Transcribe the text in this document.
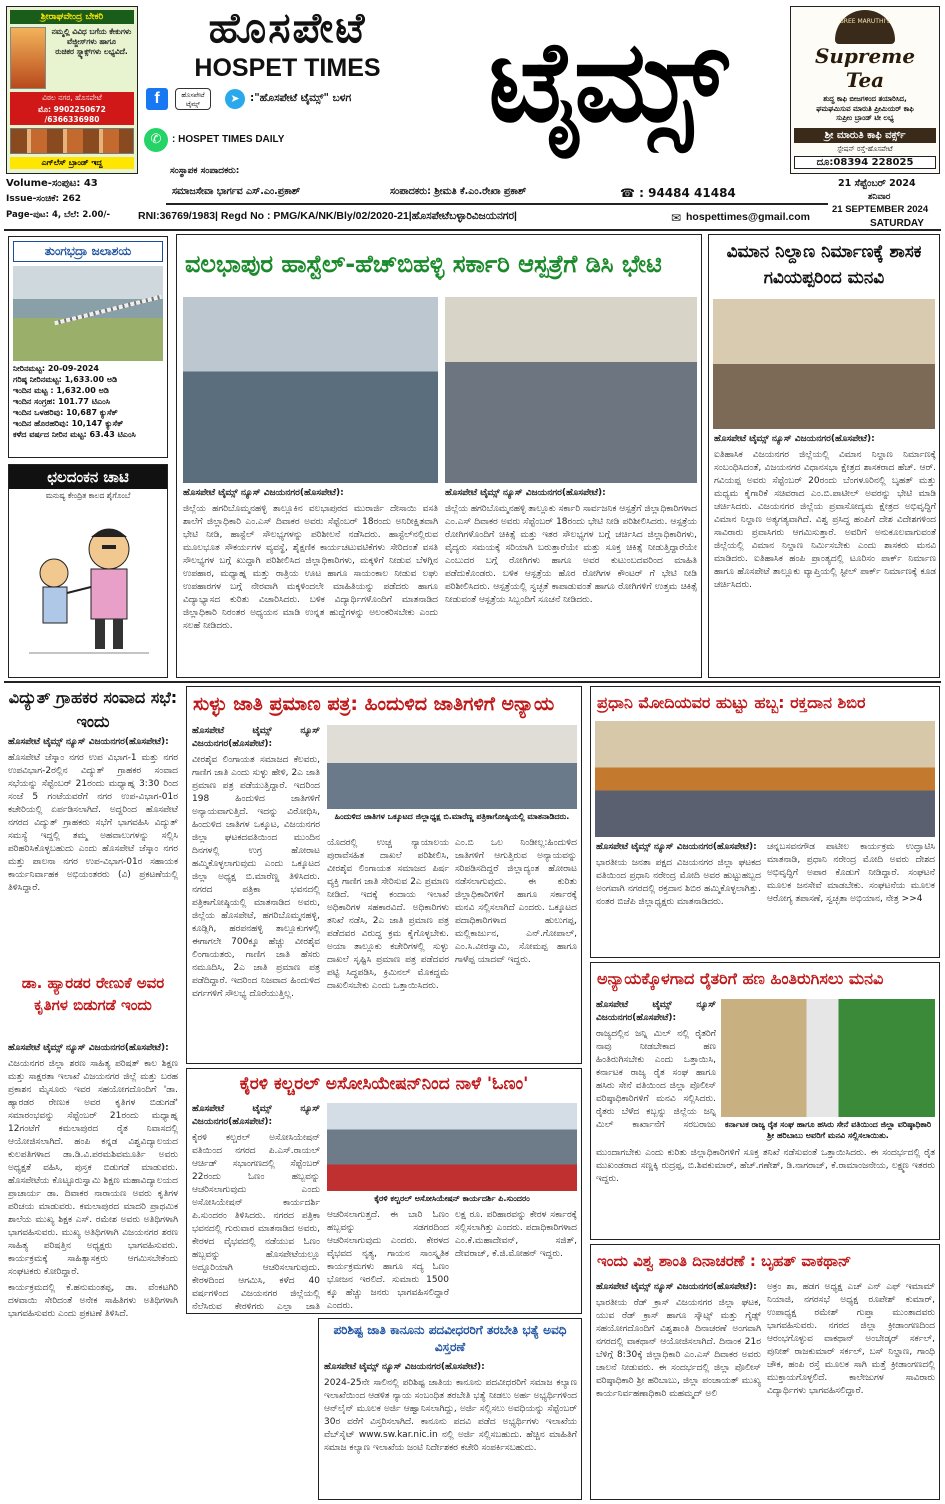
ಶ್ರೀರಾಘವೇಂದ್ರ ಬೇಕರಿ
ನಮ್ಮಲ್ಲಿ ವಿವಿಧ ಬಗೆಯ ಕೇಕುಗಳು
ವೆಜ್ಜೀಸ್‌ಗಳು ಹಾಗೂ
ರುಚಿಕರ ಸ್ನ್ಯಾಕ್ಸ್‌ಗಳು ಲಭ್ಯವಿದೆ.
ವಿಠಲ ನಗರ, ಹೊಸಪೇಟೆ
ಮೊ: 9902250672 /6366336980
ಎಗ್‌ಲೆಸ್ ಬ್ರಾಂಡ್ ಇದ್ದ
ಹೊಸಪೇಟೆ
HOSPET TIMES
f	ಹೊಸಪೇಟೆ ಟೈಮ್ಸ್	➤ :"ಹೊಸಪೇಟೆ ಟೈಮ್ಸ್" ಬಳಗ
✆	: HOSPET TIMES DAILY	ಟೈಮ್ಸ್	SREE MARUTHI's
Supreme Tea
ಶುದ್ಧ ಕಾಫಿ ಬೀಜಗಳಿಂದ ತಯಾರಿಸಿದ,
ಘಮಘಮಿಸುವ ಮಾರುತಿ ಪ್ರೀಮಿಯರ್ ಕಾಫಿ
ಸುಪ್ರೀಂ ಬ್ರಾಂಡ್ ಟೀ ಲಭ್ಯ
ಶ್ರೀ ಮಾರುತಿ ಕಾಫಿ ವರ್ಕ್ಸ್
ಸ್ಟೇಷನ್ ರಸ್ತೆ-ಹೊಸಪೇಟೆ
ದೂ:08394 228025
ಸಂಸ್ಥಾಪಕ ಸಂಪಾದಕರು:
Volume-ಸಂಪುಟ: 43
Issue-ಸಂಚಿಕೆ: 262
Page-ಪುಟ: 4, ಬೆಲೆ: 2.00/-
ಸಮಾಜಸೇವಾ ಭಾರ್ಗವ ಎಸ್.ಎಂ.ಪ್ರಕಾಶ್	ಸಂಪಾದಕರು: ಶ್ರೀಮತಿ ಕೆ.ಎಂ.ರೇಖಾ ಪ್ರಕಾಶ್	☎ : 94484 41484
21 ಸೆಪ್ಟೆಂಬರ್ 2024
ಶನಿವಾರ
21 SEPTEMBER 2024
SATURDAY
RNI:36769/1983| Regd No : PMG/KA/NK/Bly/02/2020-21|ಹೊಸಪೇಟೆಬಳ್ಳಾರಿವಿಜಯನಗರ|	✉ hospettimes@gmail.com
ತುಂಗಭದ್ರಾ ಜಲಾಶಯ
ನೀರಿನಮಟ್ಟ: 20-09-2024
ಗರಿಷ್ಠ ನೀರಿನಮಟ್ಟ: 1,633.00 ಅಡಿ
ಇಂದಿನ ಮಟ್ಟ : 1,632.00 ಅಡಿ
ಇಂದಿನ ಸಂಗ್ರಹ: 101.77 ಟಿಎಂಸಿ
ಇಂದಿನ ಒಳಹರಿವು: 10,687 ಕ್ಯುಸೆಕ್
ಇಂದಿನ ಹೊರಹರಿವು: 10,147 ಕ್ಯುಸೆಕ್
ಕಳೆದ ವರ್ಷದ ನೀರಿನ ಮಟ್ಟ: 63.43 ಟಿಎಂಸಿ
ಛಲದಂಕನ ಚಾಟಿ
ಮನುಷ್ಯ ಕೇಂದ್ರಿತ ಕಾಲದ ಶೈಗೊಂಬೆ
ವಲಭಾಪುರ ಹಾಸ್ಟೆಲ್-ಹೆಚ್‌ಬಿಹಳ್ಳಿ ಸರ್ಕಾರಿ ಆಸ್ಪತ್ರೆಗೆ ಡಿಸಿ ಭೇಟಿ

ಹೊಸಪೇಟೆ ಟೈಮ್ಸ್ ನ್ಯೂಸ್ ವಿಜಯನಗರ(ಹೊಸಪೇಟೆ):

ಜಿಲ್ಲೆಯ ಹಗರಿಬೊಮ್ಮನಹಳ್ಳಿ ತಾಲ್ಲೂಕಿನ ವಲಭಾಪುರದ ಮುರಾರ್ಜಿ ದೇಸಾಯಿ ವಸತಿ ಶಾಲೆಗೆ ಜಿಲ್ಲಾಧಿಕಾರಿ ಎಂ.ಎಸ್ ದಿವಾಕರ ಅವರು ಸೆಪ್ಟೆಂಬರ್ 18ರಂದು ಅನಿರೀಕ್ಷಿತವಾಗಿ ಭೇಟಿ ನೀಡಿ, ಹಾಸ್ಟೆಲ್ ಸೌಲಭ್ಯಗಳನ್ನು ಪರಿಶೀಲನೆ ನಡೆಸಿದರು. ಹಾಸ್ಟೆಲ್‌ನಲ್ಲಿರುವ ಮೂಲಭೂತ ಸೌಕರ್ಯಗಳ ವ್ಯವಸ್ಥೆ, ಶೈಕ್ಷಣಿಕ ಕಾರ್ಯಚಟುವಟಿಕೆಗಳು ಸೇರಿದಂತೆ ವಸತಿ ಸೌಲಭ್ಯಗಳ ಬಗ್ಗೆ ಖುದ್ದಾಗಿ ಪರಿಶೀಲಿಸಿದ ಜಿಲ್ಲಾಧಿಕಾರಿಗಳು, ಮಕ್ಕಳಿಗೆ ನೀಡುವ ಬೆಳಗ್ಗಿನ ಉಪಹಾರ, ಮಧ್ಯಾಹ್ನ ಮತ್ತು ರಾತ್ರಿಯ ಊಟ ಹಾಗೂ ಸಾಯಂಕಾಲ ನೀಡುವ ಲಘು ಉಪಹಾರಗಳ ಬಗ್ಗೆ ನೇರವಾಗಿ ಮಕ್ಕಳಿಂದಲೇ ಮಾಹಿತಿಯನ್ನು ಪಡೆದರು ಹಾಗೂ ವಿದ್ಯಾಭ್ಯಾಸದ ಕುರಿತು ವಿಚಾರಿಸಿದರು. ಬಳಿಕ ವಿದ್ಯಾರ್ಥಿಗಳೊಂದಿಗೆ ಮಾತನಾಡಿದ ಜಿಲ್ಲಾಧಿಕಾರಿ ನಿರಂತರ ಅಧ್ಯಯನ ಮಾಡಿ ಉನ್ನತ ಹುದ್ದೆಗಳನ್ನು ಅಲಂಕರಿಸಬೇಕು ಎಂದು ಸಲಹೆ ನೀಡಿದರು.

ಹೊಸಪೇಟೆ ಟೈಮ್ಸ್ ನ್ಯೂಸ್ ವಿಜಯನಗರ(ಹೊಸಪೇಟೆ):

ಜಿಲ್ಲೆಯ ಹಗರಿಬೊಮ್ಮನಹಳ್ಳಿ ತಾಲ್ಲೂಕು ಸರ್ಕಾರಿ ಸಾರ್ವಜನಿಕ ಆಸ್ಪತ್ರೆಗೆ ಜಿಲ್ಲಾಧಿಕಾರಿಗಳಾದ ಎಂ.ಎಸ್ ದಿವಾಕರ ಅವರು ಸೆಪ್ಟೆಂಬರ್ 18ರಂದು ಭೇಟಿ ನೀಡಿ ಪರಿಶೀಲಿಸಿದರು. ಆಸ್ಪತ್ರೆಯ ರೋಗಿಗಳೊಂದಿಗೆ ಚಿಕಿತ್ಸೆ ಮತ್ತು ಇತರ ಸೌಲಭ್ಯಗಳ ಬಗ್ಗೆ ಚರ್ಚಿಸಿದ ಜಿಲ್ಲಾಧಿಕಾರಿಗಳು, ವೈದ್ಯರು ಸಮಯಕ್ಕೆ ಸರಿಯಾಗಿ ಬರುತ್ತಾರೆಯೇ ಮತ್ತು ಸೂಕ್ತ ಚಿಕಿತ್ಸೆ ನೀಡುತ್ತಿದ್ದಾರೆಯೇ ಎಂಬುದರ ಬಗ್ಗೆ ರೋಗಿಗಳು ಹಾಗೂ ಅವರ ಕುಟುಂಬದವರಿಂದ ಮಾಹಿತಿ ಪಡೆದುಕೊಂಡರು. ಬಳಿಕ ಆಸ್ಪತ್ರೆಯ ಹೊರ ರೋಗಿಗಳ ಕೌಂಟರ್ ಗೆ ಭೇಟಿ ನೀಡಿ ಪರಿಶೀಲಿಸಿದರು. ಆಸ್ಪತ್ರೆಯಲ್ಲಿ ಸ್ವಚ್ಛತೆ ಕಾಪಾಡುವಂತೆ ಹಾಗೂ ರೋಗಿಗಳಿಗೆ ಉತ್ತಮ ಚಿಕಿತ್ಸೆ ನೀಡುವಂತೆ ಆಸ್ಪತ್ರೆಯ ಸಿಬ್ಬಂದಿಗೆ ಸೂಚನೆ ನೀಡಿದರು.

ವಿಮಾನ ನಿಲ್ದಾಣ ನಿರ್ಮಾಣಕ್ಕೆ ಶಾಸಕ ಗವಿಯಪ್ಪರಿಂದ ಮನವಿ

ಹೊಸಪೇಟೆ ಟೈಮ್ಸ್ ನ್ಯೂಸ್ ವಿಜಯನಗರ(ಹೊಸಪೇಟೆ):

ಐತಿಹಾಸಿಕ ವಿಜಯನಗರ ಜಿಲ್ಲೆಯಲ್ಲಿ ವಿಮಾನ ನಿಲ್ದಾಣ ನಿರ್ಮಾಣಕ್ಕೆ ಸಂಬಂಧಿಸಿದಂತೆ, ವಿಜಯನಗರ ವಿಧಾನಸಭಾ ಕ್ಷೇತ್ರದ ಶಾಸಕರಾದ ಹೆಚ್. ಆರ್. ಗವಿಯಪ್ಪ ಅವರು ಸೆಪ್ಟೆಂಬರ್ 20ರಂದು ಬೆಂಗಳೂರಿನಲ್ಲಿ ಬೃಹತ್ ಮತ್ತು ಮಧ್ಯಮ ಕೈಗಾರಿಕೆ ಸಚಿವರಾದ ಎಂ.ಬಿ.ಪಾಟೀಲ್ ಅವರನ್ನು ಭೇಟಿ ಮಾಡಿ ಚರ್ಚಿಸಿದರು. ವಿಜಯನಗರ ಜಿಲ್ಲೆಯ ಪ್ರವಾಸೋದ್ಯಮ ಕ್ಷೇತ್ರದ ಅಭಿವೃದ್ಧಿಗೆ ವಿಮಾನ ನಿಲ್ದಾಣ ಅತ್ಯಗತ್ಯವಾಗಿದೆ. ವಿಶ್ವ ಪ್ರಸಿದ್ಧ ಹಂಪಿಗೆ ದೇಶ ವಿದೇಶಗಳಿಂದ ಸಾವಿರಾರು ಪ್ರವಾಸಿಗರು ಆಗಮಿಸುತ್ತಾರೆ. ಅವರಿಗೆ ಅನುಕೂಲವಾಗುವಂತೆ ಜಿಲ್ಲೆಯಲ್ಲಿ ವಿಮಾನ ನಿಲ್ದಾಣ ನಿರ್ಮಿಸಬೇಕು ಎಂದು ಶಾಸಕರು ಮನವಿ ಮಾಡಿದರು. ಐತಿಹಾಸಿಕ ಹಂಪಿ ಪ್ರಾಂತ್ಯದಲ್ಲಿ ಟೂರಿಸಂ ಪಾರ್ಕ್ ನಿರ್ಮಾಣ ಹಾಗೂ ಹೊಸಪೇಟೆ ತಾಲ್ಲೂಕು ವ್ಯಾಪ್ತಿಯಲ್ಲಿ ಸ್ಟೀಲ್ ಪಾರ್ಕ್ ನಿರ್ಮಾಣಕ್ಕೆ ಕೂಡ ಚರ್ಚಿಸಿದರು.

ವಿದ್ಯುತ್ ಗ್ರಾಹಕರ ಸಂವಾದ ಸಭೆ: ಇಂದು

ಹೊಸಪೇಟೆ ಟೈಮ್ಸ್ ನ್ಯೂಸ್ ವಿಜಯನಗರ(ಹೊಸಪೇಟೆ):

ಹೊಸಪೇಟೆ ಜೆಸ್ಕಾಂ ನಗರ ಉಪ ವಿಭಾಗ-1 ಮತ್ತು ನಗರ ಉಪವಿಭಾಗ-2ರಲ್ಲಿನ ವಿದ್ಯುತ್ ಗ್ರಾಹಕರ ಸಂವಾದ ಸಭೆಯನ್ನು ಸೆಪ್ಟೆಂಬರ್ 21ರಂದು ಮಧ್ಯಾಹ್ನ 3:30 ರಿಂದ ಸಂಜೆ 5 ಗಂಟೆಯವರೆಗೆ ನಗರ ಉಪ-ವಿಭಾಗ-01ರ ಕಚೇರಿಯಲ್ಲಿ ಏರ್ಪಡಿಸಲಾಗಿದೆ. ಅದ್ದರಿಂದ ಹೊಸಪೇಟೆ ನಗರದ ವಿದ್ಯುತ್ ಗ್ರಾಹಕರು ಸಭೆಗೆ ಭಾಗವಹಿಸಿ ವಿದ್ಯುತ್ ಸಮಸ್ಯೆ ಇದ್ದಲ್ಲಿ ತಮ್ಮ ಅಹವಾಲುಗಳನ್ನು ಸಲ್ಲಿಸಿ ಪರಿಹರಿಸಿಕೊಳ್ಳಬಹುದು ಎಂದು ಹೊಸಪೇಟೆ ಜೆಸ್ಕಾಂ ನಗರ ಮತ್ತು ಪಾಲನಾ ನಗರ ಉಪ-ವಿಭಾಗ-01ರ ಸಹಾಯಕ ಕಾರ್ಯನಿರ್ವಾಹಕ ಅಭಿಯಂತರರು (ವಿ) ಪ್ರಕಟಣೆಯಲ್ಲಿ ತಿಳಿಸಿದ್ದಾರೆ.

ಡಾ. ಹ್ಯಾರಡರ ರೇಣುಕೆ ಅವರ ಕೃತಿಗಳ ಬಿಡುಗಡೆ ಇಂದು

ಹೊಸಪೇಟೆ ಟೈಮ್ಸ್ ನ್ಯೂಸ್ ವಿಜಯನಗರ(ಹೊಸಪೇಟೆ):

ವಿಜಯನಗರ ಜಿಲ್ಲಾ ಶರಣ ಸಾಹಿತ್ಯ ಪರಿಷತ್ ಕಾಲ ಶಿಕ್ಷಣ ಮತ್ತು ಸಾಕ್ಷರತಾ ಇಲಾಖೆ ವಿಜಯನಗರ ಜಿಲ್ಲೆ ಮತ್ತು ಬರಹ ಪ್ರಕಾಶನ ಮೈಸೂರು ಇವರ ಸಹಯೋಗದೊಂದಿಗೆ 'ಡಾ. ಹ್ಯಾರಡರ ರೇಣುಕ ಅವರ ಕೃತಿಗಳ ಬಿಡುಗಡೆ' ಸಮಾರಂಭವನ್ನು ಸೆಪ್ಟೆಂಬರ್ 21ರಂದು ಮಧ್ಯಾಹ್ನ 12ಗಂಟೆಗೆ ಕಮಲಾಪುರದ ರೈತ ನಿವಾಸದಲ್ಲಿ ಆಯೋಜಿಸಲಾಗಿದೆ. ಹಂಪಿ ಕನ್ನಡ ವಿಶ್ವವಿದ್ಯಾಲಯದ ಕುಲಪತಿಗಳಾದ ಡಾ.ಡಿ.ವಿ.ಪರಮಶಿವಮೂರ್ತಿ ಅವರು ಅಧ್ಯಕ್ಷತೆ ವಹಿಸಿ, ಪುಸ್ತಕ ಬಿಡುಗಡೆ ಮಾಡುವರು. ಹೊಸಪೇಟೆಯ ಕೊಟ್ಟೂರುಸ್ವಾಮಿ ಶಿಕ್ಷಣ ಮಹಾವಿದ್ಯಾಲಯದ ಪ್ರಾಚಾರ್ಯ ಡಾ. ದಿವಾಕರ ನಾರಾಯಣ ಅವರು ಕೃತಿಗಳ ಪರಿಚಯ ಮಾಡುವರು. ಕಮಲಾಪುರದ ಮಾದರಿ ಪ್ರಾಥಮಿಕ ಶಾಲೆಯ ಮುಖ್ಯ ಶಿಕ್ಷಕ ಎಸ್. ರಮೇಶ ಅವರು ಅತಿಥಿಗಳಾಗಿ ಭಾಗವಹಿಸುವರು. ಮುಖ್ಯ ಅತಿಥಿಗಳಾಗಿ ವಿಜಯನಗರ ಶರಣ ಸಾಹಿತ್ಯ ಪರಿಷತ್ತಿನ ಅಧ್ಯಕ್ಷರು ಭಾಗವಹಿಸುವರು. ಕಾರ್ಯಕ್ರಮಕ್ಕೆ ಸಾಹಿತ್ಯಾಸಕ್ತರು ಆಗಮಿಸಬೇಕೆಂದು ಸಂಘಟಕರು ಕೋರಿದ್ದಾರೆ.

ಕಾರ್ಯಕ್ರಮದಲ್ಲಿ ಕೆ.ಹನುಮಂತಪ್ಪ, ಡಾ. ವೆಂಕಟಗಿರಿ ದಳವಾಯಿ ಸೇರಿದಂತೆ ಅನೇಕ ಸಾಹಿತಿಗಳು ಅತಿಥಿಗಳಾಗಿ ಭಾಗವಹಿಸುವರು ಎಂದು ಪ್ರಕಟಣೆ ತಿಳಿಸಿದೆ.

ಸುಳ್ಳು ಜಾತಿ ಪ್ರಮಾಣ ಪತ್ರ: ಹಿಂದುಳಿದ ಜಾತಿಗಳಿಗೆ ಅನ್ಯಾಯ

ಹೊಸಪೇಟೆ ಟೈಮ್ಸ್ ನ್ಯೂಸ್ ವಿಜಯನಗರ(ಹೊಸಪೇಟೆ):

ವೀರಶೈವ ಲಿಂಗಾಯತ ಸಮಾಜದ ಕೆಲವರು, ಗಾಣಿಗ ಜಾತಿ ಎಂದು ಸುಳ್ಳು ಹೇಳಿ, 2ಎ ಜಾತಿ ಪ್ರಮಾಣ ಪತ್ರ ಪಡೆಯುತ್ತಿದ್ದಾರೆ. ಇದರಿಂದ 198 ಹಿಂದುಳಿದ ಜಾತಿಗಳಿಗೆ ಅನ್ಯಾಯವಾಗುತ್ತಿದೆ. ಇದನ್ನು ವಿರೋಧಿಸಿ, ಹಿಂದುಳಿದ ಜಾತಿಗಳ ಒಕ್ಕೂಟ, ವಿಜಯನಗರ ಜಿಲ್ಲಾ ಘಟಕದವತಿಯಿಂದ ಮುಂದಿನ ದಿನಗಳಲ್ಲಿ ಉಗ್ರ ಹೋರಾಟ ಹಮ್ಮಿಕೊಳ್ಳಲಾಗುವುದು ಎಂದು ಒಕ್ಕೂಟದ ಜಿಲ್ಲಾ ಅಧ್ಯಕ್ಷ ಬಿ.ಮಾರೆಣ್ಣ ತಿಳಿಸಿದರು. ನಗರದ ಪತ್ರಿಕಾ ಭವನದಲ್ಲಿ ಪತ್ರಿಕಾಗೋಷ್ಠಿಯಲ್ಲಿ ಮಾತನಾಡಿದ ಅವರು, ಜಿಲ್ಲೆಯ ಹೊಸಪೇಟೆ, ಹಗರಿಬೊಮ್ಮನಹಳ್ಳಿ, ಕೂಡ್ಲಿಗಿ, ಹರಪನಹಳ್ಳಿ ತಾಲ್ಲೂಕುಗಳಲ್ಲಿ ಈಗಾಗಲೇ 700ಕ್ಕೂ ಹೆಚ್ಚು ವೀರಶೈವ ಲಿಂಗಾಯತರು, ಗಾಣಿಗ ಜಾತಿ ಹೆಸರು ನಮೂದಿಸಿ, 2ಎ ಜಾತಿ ಪ್ರಮಾಣ ಪತ್ರ ಪಡೆದಿದ್ದಾರೆ. ಇದರಿಂದ ನಿಜವಾದ ಹಿಂದುಳಿದ ವರ್ಗಗಳಿಗೆ ಸೌಲಭ್ಯ ದೊರೆಯುತ್ತಿಲ್ಲ.

ಹಿಂದುಳಿದ ಜಾತಿಗಳ ಒಕ್ಕೂಟದ ಜಿಲ್ಲಾಧ್ಯಕ್ಷ ಬಿ.ಮಾರೆಣ್ಣ ಪತ್ರಿಕಾಗೋಷ್ಠಿಯಲ್ಲಿ ಮಾತನಾಡಿದರು.

ಯೊದರಲ್ಲಿ ಉಚ್ಚ ನ್ಯಾಯಾಲಯ ಪುರಾವೆಸಹಿತ ದಾಖಲೆ ಪರಿಶೀಲಿಸಿ, ವೀರಶೈವ ಲಿಂಗಾಯತ ಸಮಾಜದ ಪಿರ್ಷ ವ್ಯಕ್ತಿ ಗಾಣಿಗ ಜಾತಿ ಸೇರಿಸುವ 2ಎ ಪ್ರಮಾಣ ನೀಡಿದೆ. ಇದಕ್ಕೆ ಕಂದಾಯ ಇಲಾಖೆ ಅಧಿಕಾರಿಗಳ ಸಹಕಾರವಿದೆ. ಅಧಿಕಾರಿಗಳು ತನಿಖೆ ನಡೆಸಿ, 2ಎ ಜಾತಿ ಪ್ರಮಾಣ ಪತ್ರ ಪಡೆದವರ ವಿರುದ್ಧ ಕ್ರಮ ಕೈಗೊಳ್ಳಬೇಕು. ಅಯಾ ತಾಲ್ಲೂಕು ಕಚೇರಿಗಳಲ್ಲಿ ಸುಳ್ಳು ದಾಖಲೆ ಸೃಷ್ಟಿಸಿ ಪ್ರಮಾಣ ಪತ್ರ ಪಡೆದವರ ಪಟ್ಟಿ ಸಿದ್ಧಪಡಿಸಿ, ಕ್ರಿಮಿನಲ್ ಮೊಕದ್ದಮೆ ದಾಖಲಿಸಬೇಕು ಎಂದು ಒತ್ತಾಯಿಸಿದರು.

ಎಂ.ಬಿ ಒಲ ನಿಂಡೀಲ್ಲ:ಹಿಂದುಳಿದ ಜಾತಿಗಳಿಗೆ ಆಗುತ್ತಿರುವ ಅನ್ಯಾಯವನ್ನು ಸರಿಪಡಿಸದಿದ್ದರೆ ಜಿಲ್ಲಾದ್ಯಂತ ಹೋರಾಟ ನಡೆಸಲಾಗುವುದು. ಈ ಕುರಿತು ಜಿಲ್ಲಾಧಿಕಾರಿಗಳಿಗೆ ಹಾಗೂ ಸರ್ಕಾರಕ್ಕೆ ಮನವಿ ಸಲ್ಲಿಸಲಾಗಿದೆ ಎಂದರು. ಒಕ್ಕೂಟದ ಪದಾಧಿಕಾರಿಗಳಾದ ಹುಲುಗಪ್ಪ, ಮಲ್ಲಿಕಾರ್ಜುನ, ಎನ್.ಗೋಪಾಲ್, ಎಂ.ಸಿ.ವೀರಸ್ವಾಮಿ, ಸೋಮಪ್ಪ ಹಾಗೂ ಗಾಳೆಪ್ಪ ಯಾದವ್ ಇದ್ದರು.

ಪ್ರಧಾನಿ ಮೋದಿಯವರ ಹುಟ್ಟು ಹಬ್ಬ: ರಕ್ತದಾನ ಶಿಬಿರ

ಹೊಸಪೇಟೆ ಟೈಮ್ಸ್ ನ್ಯೂಸ್ ವಿಜಯನಗರ(ಹೊಸಪೇಟೆ):

ಭಾರತೀಯ ಜನತಾ ಪಕ್ಷದ ವಿಜಯನಗರ ಜಿಲ್ಲಾ ಘಟಕದ ವತಿಯಿಂದ ಪ್ರಧಾನಿ ನರೇಂದ್ರ ಮೋದಿ ಅವರ ಹುಟ್ಟುಹಬ್ಬದ ಅಂಗವಾಗಿ ನಗರದಲ್ಲಿ ರಕ್ತದಾನ ಶಿಬಿರ ಹಮ್ಮಿಕೊಳ್ಳಲಾಗಿತ್ತು. ನಂತರ ಬಿಜೆಪಿ ಜಿಲ್ಲಾಧ್ಯಕ್ಷರು ಮಾತನಾಡಿದರು.

ಚನ್ನಬಸವನಗೌಡ ಪಾಟೀಲ ಕಾರ್ಯಕ್ರಮ ಉದ್ಘಾಟಿಸಿ ಮಾತನಾಡಿ, ಪ್ರಧಾನಿ ನರೇಂದ್ರ ಮೋದಿ ಅವರು ದೇಶದ ಅಭಿವೃದ್ಧಿಗೆ ಅಪಾರ ಕೊಡುಗೆ ನೀಡಿದ್ದಾರೆ. ಸಂಘಟನೆ ಮೂಲಕ ಜನಸೇವೆ ಮಾಡಬೇಕು. ಸಂಘಟನೆಯ ಮೂಲಕ ಆರೋಗ್ಯ ತಪಾಸಣೆ, ಸ್ವಚ್ಛತಾ ಅಭಿಯಾನ, ನೇತ್ರ >>4

ಅನ್ಯಾಯಕ್ಕೊಳಗಾದ ರೈತರಿಗೆ ಹಣ ಹಿಂತಿರುಗಿಸಲು ಮನವಿ

ಹೊಸಪೇಟೆ ಟೈಮ್ಸ್ ನ್ಯೂಸ್ ವಿಜಯನಗರ(ಹೊಸಪೇಟೆ):

ರಾಜ್ಯದಲ್ಲಿನ ಜನ್ನಿ ಮಿಲ್ ನಲ್ಲಿ ರೈತರಿಗೆ ನಾವು ನೀಡಬೇಕಾದ ಹಣ ಹಿಂತಿರುಗಿಸಬೇಕು ಎಂದು ಒತ್ತಾಯಿಸಿ, ಕರ್ನಾಟಕ ರಾಜ್ಯ ರೈತ ಸಂಘ ಹಾಗೂ ಹಸಿರು ಸೇನೆ ವತಿಯಿಂದ ಜಿಲ್ಲಾ ಪೊಲೀಸ್ ವರಿಷ್ಠಾಧಿಕಾರಿಗಳಿಗೆ ಮನವಿ ಸಲ್ಲಿಸಿದರು. ರೈತರು ಬೆಳೆದ ಕಬ್ಬನ್ನು ಜಿಲ್ಲೆಯ ಜನ್ನಿ ಮಿಲ್ ಕಾರ್ಖಾನೆಗೆ ಸರಬರಾಜು	ಕರ್ನಾಟಕ ರಾಜ್ಯ ರೈತ ಸಂಘ ಹಾಗೂ ಹಸಿರು ಸೇನೆ ವತಿಯಿಂದ ಜಿಲ್ಲಾ ವರಿಷ್ಠಾಧಿಕಾರಿ ಶ್ರೀ ಹರಿಬಾಬು ಅವರಿಗೆ ಮನವಿ ಸಲ್ಲಿಸಲಾಯಿತು.

ಮುಂದಾಗಬೇಕು ಎಂದು ಕುರಿತು ಜಿಲ್ಲಾಧಿಕಾರಿಗಳಿಗೆ ಸೂಕ್ತ ತನಿಖೆ ನಡೆಸುವಂತೆ ಒತ್ತಾಯಿಸಿದರು. ಈ ಸಂದರ್ಭದಲ್ಲಿ ರೈತ ಮುಖಂಡರಾದ ಸಣ್ಣಕ್ಕಿ ರುದ್ರಪ್ಪ, ಬಿ.ಶಿವಕುಮಾರ್, ಹೆಚ್.ಗಣೇಶ್, ಡಿ.ನಾಗರಾಜ್, ಕೆ.ರಾಮಾಂಜನೇಯ, ಲಕ್ಷ್ಮಣ ಇತರರು ಇದ್ದರು.

ಕೈರಳಿ ಕಲ್ಚರಲ್ ಅಸೋಸಿಯೇಷನ್‌ನಿಂದ ನಾಳೆ 'ಓಣಂ'

ಹೊಸಪೇಟೆ ಟೈಮ್ಸ್ ನ್ಯೂಸ್ ವಿಜಯನಗರ(ಹೊಸಪೇಟೆ):

ಕೈರಳಿ ಕಲ್ಚರಲ್ ಅಸೋಸಿಯೇಷನ್ ವತಿಯಿಂದ ನಗರದ ಪಿ.ಎಸ್.ರಾಯಲ್ ಆರ್ಚಿಡ್ ಸಭಾಂಗಣದಲ್ಲಿ ಸೆಪ್ಟೆಂಬರ್ 22ರಂದು ಓಣಂ ಹಬ್ಬವನ್ನು ಆಚರಿಸಲಾಗುವುದು ಎಂದು ಅಸೋಸಿಯೇಷನ್ ಕಾರ್ಯದರ್ಶಿ ಪಿ.ಸುಂದರಂ ತಿಳಿಸಿದರು. ನಗರದ ಪತ್ರಿಕಾ ಭವನದಲ್ಲಿ ಗುರುವಾರ ಮಾತನಾಡಿದ ಅವರು, ಕೇರಳದ ವೈಭವದಲ್ಲಿ ನಡೆಯುವ ಓಣಂ ಹಬ್ಬವನ್ನು ಹೊಸಪೇಟೆಯಲ್ಲೂ ಅದ್ದೂರಿಯಾಗಿ ಆಚರಿಸಲಾಗುವುದು. ಕೇರಳದಿಂದ ಆಗಮಿಸಿ, ಕಳೆದ 40 ವರ್ಷಗಳಿಂದ ವಿಜಯನಗರ ಜಿಲ್ಲೆಯಲ್ಲಿ ನೆಲೆಸಿರುವ ಕೇರಳಿಗರು ಎಲ್ಲಾ ಜಾತಿ

ಕೈರಳಿ ಕಲ್ಚರಲ್ ಅಸೋಸಿಯೇಷನ್ ಕಾರ್ಯದರ್ಶಿ ಪಿ.ಸುಂದರಂ

ಆಚರಿಸಲಾಗುತ್ತದೆ. ಈ ಬಾರಿ ಓಣಂ ಹಬ್ಬವನ್ನು ಸಡಗರದಿಂದ ಆಚರಿಸಲಾಗುವುದು ಎಂದರು. ಕೇರಳದ ವೈಭವದ ನೃತ್ಯ, ಗಾಯನ ಸಾಂಸ್ಕೃತಿಕ ಕಾರ್ಯಕ್ರಮಗಳು ಹಾಗೂ ಸದ್ಯ ಓಣಂ ಭೋಜನ ಇರಲಿದೆ. ಸುಮಾರು 1500 ಕ್ಕೂ ಹೆಚ್ಚು ಜನರು ಭಾಗವಹಿಸಲಿದ್ದಾರೆ ಎಂದರು.

ಲಕ್ಷ ರೂ. ಪರಿಹಾರವನ್ನು ಕೇರಳ ಸರ್ಕಾರಕ್ಕೆ ಸಲ್ಲಿಸಲಾಗಿತ್ತು ಎಂದರು. ಪದಾಧಿಕಾರಿಗಳಾದ ಎಂ.ಕೆ.ಮಹಾದೇವನ್, ಸಜಿತ್, ದೇವರಾಜ್, ಕೆ.ಜಿ.ಮೋಹನ್ ಇದ್ದರು.

ಪರಿಶಿಷ್ಟ ಜಾತಿ ಕಾನೂನು ಪದವೀಧರರಿಗೆ ತರಬೇತಿ ಭತ್ಯೆ ಅವಧಿ ವಿಸ್ತರಣೆ

ಹೊಸಪೇಟೆ ಟೈಮ್ಸ್ ನ್ಯೂಸ್ ವಿಜಯನಗರ(ಹೊಸಪೇಟೆ):

2024-25ನೇ ಸಾಲಿನಲ್ಲಿ ಪರಿಶಿಷ್ಟ ಜಾತಿಯ ಕಾನೂನು ಪದವೀಧರರಿಗೆ ಸಮಾಜ ಕಲ್ಯಾಣ ಇಲಾಖೆಯಿಂದ ಆಡಳಿತ ನ್ಯಾಯ ಸಂಬಂಧಿತ ತರಬೇತಿ ಭತ್ಯೆ ನೀಡಲು ಅರ್ಹ ಅಭ್ಯರ್ಥಿಗಳಿಂದ ಆನ್‌ಲೈನ್ ಮೂಲಕ ಅರ್ಜಿ ಆಹ್ವಾನಿಸಲಾಗಿದ್ದು, ಅರ್ಜಿ ಸಲ್ಲಿಸಲು ಅವಧಿಯನ್ನು ಸೆಪ್ಟೆಂಬರ್ 30ರ ವರೆಗೆ ವಿಸ್ತರಿಸಲಾಗಿದೆ. ಕಾನೂನು ಪದವಿ ಪಡೆದ ಅಭ್ಯರ್ಥಿಗಳು ಇಲಾಖೆಯ ವೆಬ್‌ಸೈಟ್ www.sw.kar.nic.in ನಲ್ಲಿ ಅರ್ಜಿ ಸಲ್ಲಿಸಬಹುದು. ಹೆಚ್ಚಿನ ಮಾಹಿತಿಗೆ ಸಮಾಜ ಕಲ್ಯಾಣ ಇಲಾಖೆಯ ಜಂಟಿ ನಿರ್ದೇಶಕರ ಕಚೇರಿ ಸಂಪರ್ಕಿಸಬಹುದು.

ಇಂದು ವಿಶ್ವ ಶಾಂತಿ ದಿನಾಚರಣೆ : ಬೃಹತ್ ವಾಕಥಾನ್

ಹೊಸಪೇಟೆ ಟೈಮ್ಸ್ ನ್ಯೂಸ್ ವಿಜಯನಗರ(ಹೊಸಪೇಟೆ):

ಭಾರತೀಯ ರೆಡ್ ಕ್ರಾಸ್ ವಿಜಯನಗರ ಜಿಲ್ಲಾ ಘಟಕ, ಯುವ ರೆಡ್ ಕ್ರಾಸ್ ಹಾಗೂ ಸ್ಕೌಟ್ಸ್ ಮತ್ತು ಗೈಡ್ಸ್ ಸಹಯೋಗದೊಂದಿಗೆ ವಿಶ್ವಶಾಂತಿ ದಿನಾಚರಣೆ ಅಂಗವಾಗಿ ನಗರದಲ್ಲಿ ವಾಕಥಾನ್ ಆಯೋಜಿಸಲಾಗಿದೆ. ದಿನಾಂಕ 21ರ ಬೆಳಿಗ್ಗೆ 8:30ಕ್ಕೆ ಜಿಲ್ಲಾಧಿಕಾರಿ ಎಂ.ಎಸ್ ದಿವಾಕರ ಅವರು ಚಾಲನೆ ನೀಡುವರು. ಈ ಸಂದರ್ಭದಲ್ಲಿ ಜಿಲ್ಲಾ ಪೊಲೀಸ್ ವರಿಷ್ಠಾಧಿಕಾರಿ ಶ್ರೀ ಹರಿಬಾಬು, ಜಿಲ್ಲಾ ಪಂಚಾಯತ್ ಮುಖ್ಯ ಕಾರ್ಯನಿರ್ವಹಣಾಧಿಕಾರಿ ಮಹಮ್ಮದ್ ಅಲಿ

ಅಕ್ರಂ ಶಾ, ಹಡಗ ಅಧ್ಯಕ್ಷ ಎಚ್ ಎನ್ ಎಫ್ ಇಮಾಮ್ ನಿಯಾಜಿ, ನಗರಸಭೆ ಅಧ್ಯಕ್ಷ ರೂಪೇಶ್ ಕುಮಾರ್, ಉಪಾಧ್ಯಕ್ಷ ರಮೇಶ್ ಗುಪ್ತಾ ಮುಂತಾದವರು ಭಾಗವಹಿಸುವರು. ನಗರದ ಜಿಲ್ಲಾ ಕ್ರೀಡಾಂಗಣದಿಂದ ಆರಂಭಗೊಳ್ಳುವ ವಾಕಥಾನ್ ಅಂಬೇಡ್ಕರ್ ಸರ್ಕಲ್, ಪುನೀತ್ ರಾಜಕುಮಾರ್ ಸರ್ಕಲ್, ಬಸ್ ನಿಲ್ದಾಣ, ಗಾಂಧಿ ಚೌಕ, ಹಂಪಿ ರಸ್ತೆ ಮೂಲಕ ಸಾಗಿ ಮತ್ತೆ ಕ್ರೀಡಾಂಗಣದಲ್ಲಿ ಮುಕ್ತಾಯಗೊಳ್ಳಲಿದೆ. ಕಾಲೇಜುಗಳ ಸಾವಿರಾರು ವಿದ್ಯಾರ್ಥಿಗಳು ಭಾಗವಹಿಸಲಿದ್ದಾರೆ.
